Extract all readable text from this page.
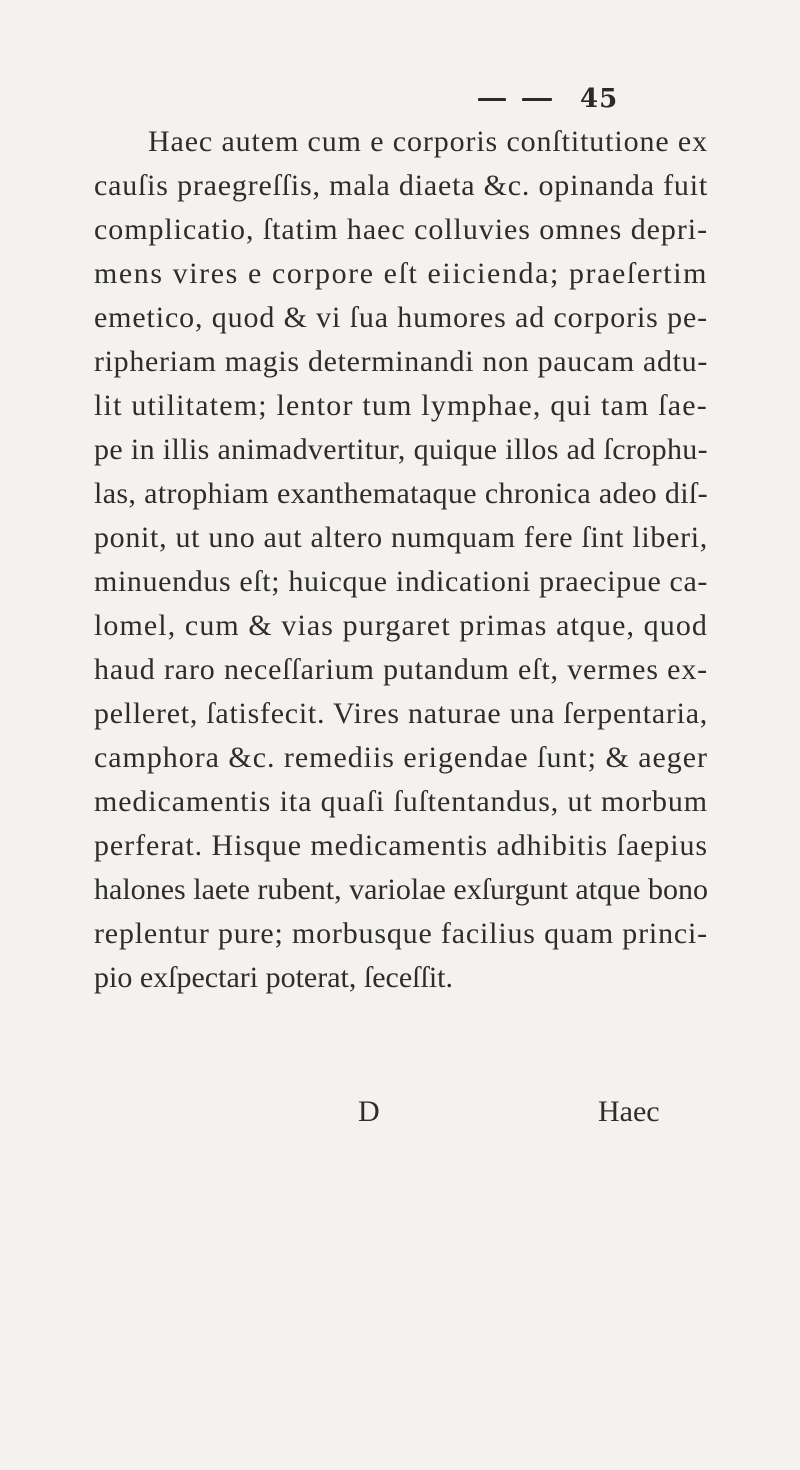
45
Haec autem cum e corporis conſtitutione ex
cauſis praegreſſis, mala diaeta &c. opinanda fuit
complicatio, ſtatim haec colluvies omnes depri-
mens vires e corpore eſt eiicienda; praeſertim
emetico, quod & vi ſua humores ad corporis pe-
ripheriam magis determinandi non paucam adtu-
lit utilitatem; lentor tum lymphae, qui tam ſae-
pe in illis animadvertitur, quique illos ad ſcrophu-
las, atrophiam exanthemataque chronica adeo diſ-
ponit, ut uno aut altero numquam fere ſint liberi,
minuendus eſt; huicque indicationi praecipue ca-
lomel, cum & vias purgaret primas atque, quod
haud raro neceſſarium putandum eſt, vermes ex-
pelleret, ſatisfecit. Vires naturae una ſerpentaria,
camphora &c. remediis erigendae ſunt; & aeger
medicamentis ita quaſi ſuſtentandus, ut morbum
perferat. Hisque medicamentis adhibitis ſaepius
halones laete rubent, variolae exſurgunt atque bono
replentur pure; morbusque facilius quam princi-
pio exſpectari poterat, ſeceſſit.
D	Haec
